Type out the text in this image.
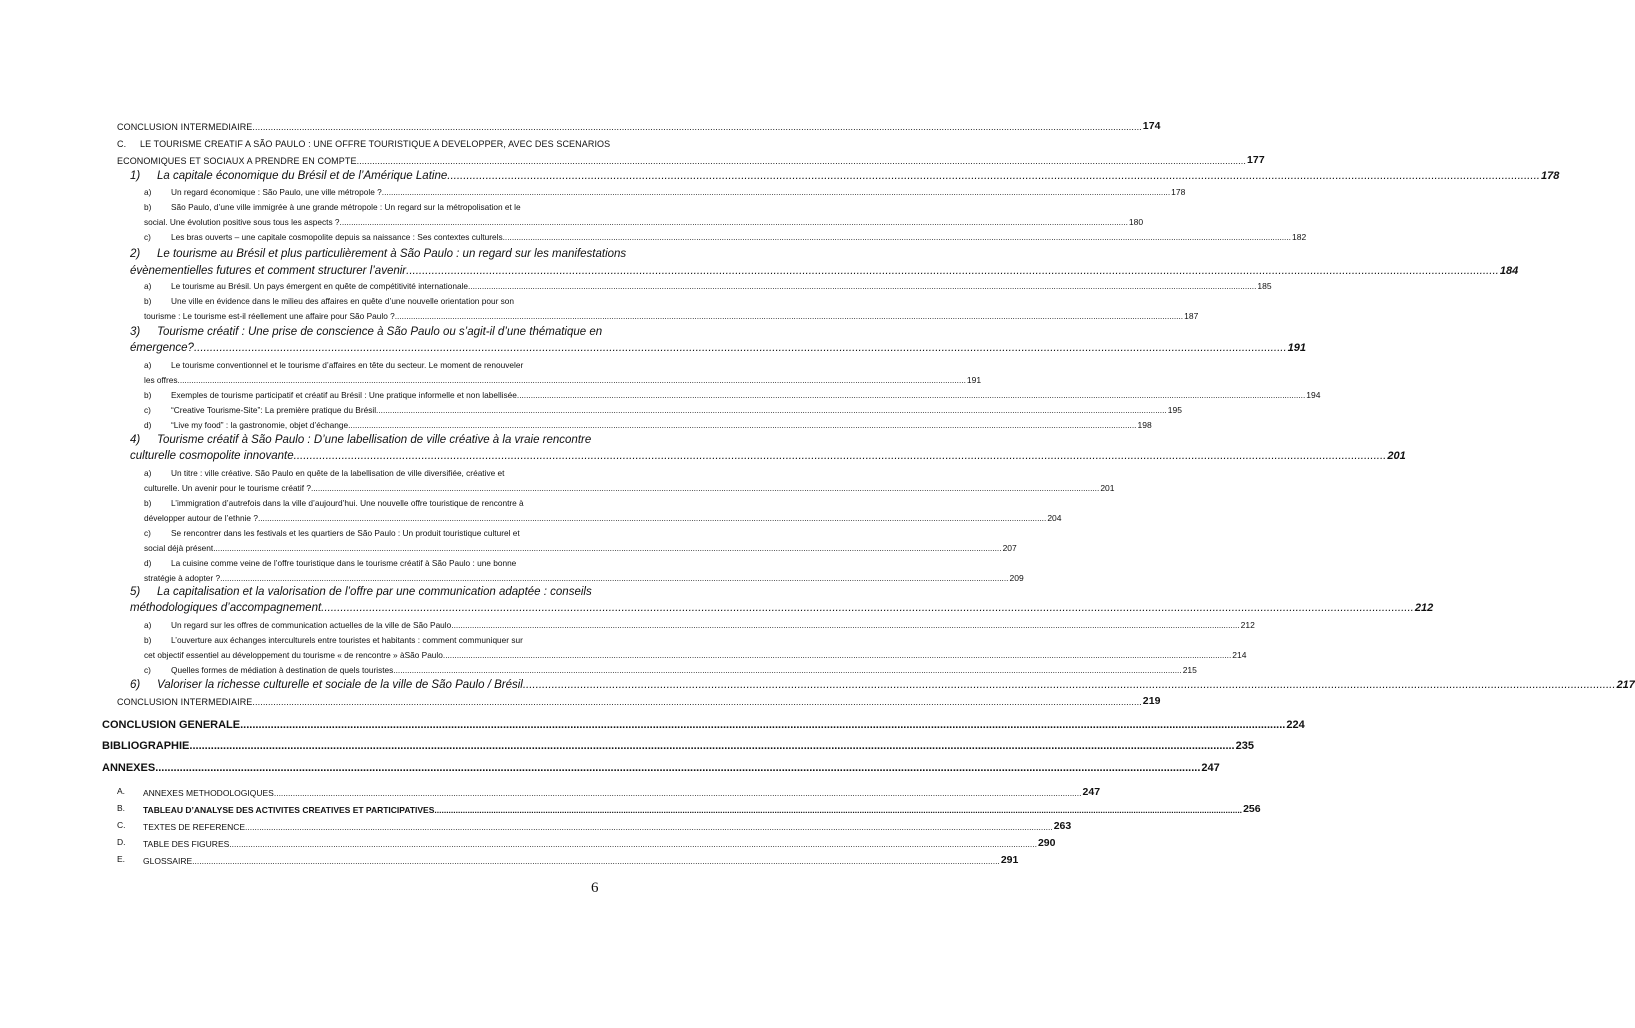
CONCLUSION INTERMEDIAIRE .....	174
C. LE TOURISME CREATIF A SÃO PAULO : UNE OFFRE TOURISTIQUE A DEVELOPPER, AVEC DES SCENARIOS
ECONOMIQUES ET SOCIAUX A PRENDRE EN COMPTE .....	177
1) La capitale économique du Brésil et de l’Amérique Latine .....	178
a) Un regard économique : São Paulo, une ville métropole ? .....	178
b) São Paulo, d’une ville immigrée à une grande métropole : Un regard sur la métropolisation et le
social. Une évolution positive sous tous les aspects ? .....	180
c) Les bras ouverts – une capitale cosmopolite depuis sa naissance : Ses contextes culturels .....	182
2) Le tourisme au Brésil et plus particulièrement à São Paulo : un regard sur les manifestations
évènementielles futures et comment structurer l’avenir .....	184
a) Le tourisme au Brésil. Un pays émergent en quête de compétitivité internationale .....	185
b) Une ville en évidence dans le milieu des affaires en quête d’une nouvelle orientation pour son
tourisme : Le tourisme est-il réellement une affaire pour São Paulo ? .....	187
3) Tourisme créatif : Une prise de conscience à São Paulo ou s’agit-il d’une thématique en
émergence? .....	191
a) Le tourisme conventionnel et le tourisme d’affaires en tête du secteur. Le moment de renouveler
les offres .....	191
b) Exemples de tourisme participatif et créatif au Brésil : Une pratique informelle et non labellisée .....	194
c) “Creative Tourisme-Site”: La première pratique du Brésil. .....	195
d) “Live my food” : la gastronomie, objet d’échange .....	198
4) Tourisme créatif à São Paulo : D’une labellisation de ville créative à la vraie rencontre
culturelle cosmopolite innovante .....	201
a) Un titre : ville créative. São Paulo en quête de la labellisation de ville diversifiée, créative et
culturelle. Un avenir pour le tourisme créatif ? .....	201
b) L’immigration d’autrefois dans la ville d’aujourd’hui. Une nouvelle offre touristique de rencontre à
développer autour de l’ethnie ? .....	204
c) Se rencontrer dans les festivals et les quartiers de São Paulo : Un produit touristique culturel et
social déjà présent .....	207
d) La cuisine comme veine de l’offre touristique dans le tourisme créatif à São Paulo : une bonne
stratégie à adopter ? .....	209
5) La capitalisation et la valorisation de l’offre par une communication adaptée : conseils
méthodologiques d’accompagnement .....	212
a) Un regard sur les offres de communication actuelles de la ville de São Paulo .....	212
b) L’ouverture aux échanges interculturels entre touristes et habitants : comment communiquer sur
cet objectif essentiel au développement du tourisme « de rencontre » àSão Paulo .....	214
c) Quelles formes de médiation à destination de quels touristes .....	215
6) Valoriser la richesse culturelle et sociale de la ville de São Paulo / Brésil .....	217
CONCLUSION INTERMEDIAIRE .....	219
CONCLUSION GENERALE .....	224
BIBLIOGRAPHIE .....	235
ANNEXES .....	247
A. ANNEXES METHODOLOGIQUES .....	247
B. TABLEAU D’ANALYSE DES ACTIVITES CREATIVES ET PARTICIPATIVES .....	256
C. TEXTES DE REFERENCE .....	263
D. TABLE DES FIGURES .....	290
E. GLOSSAIRE .....	291
6
